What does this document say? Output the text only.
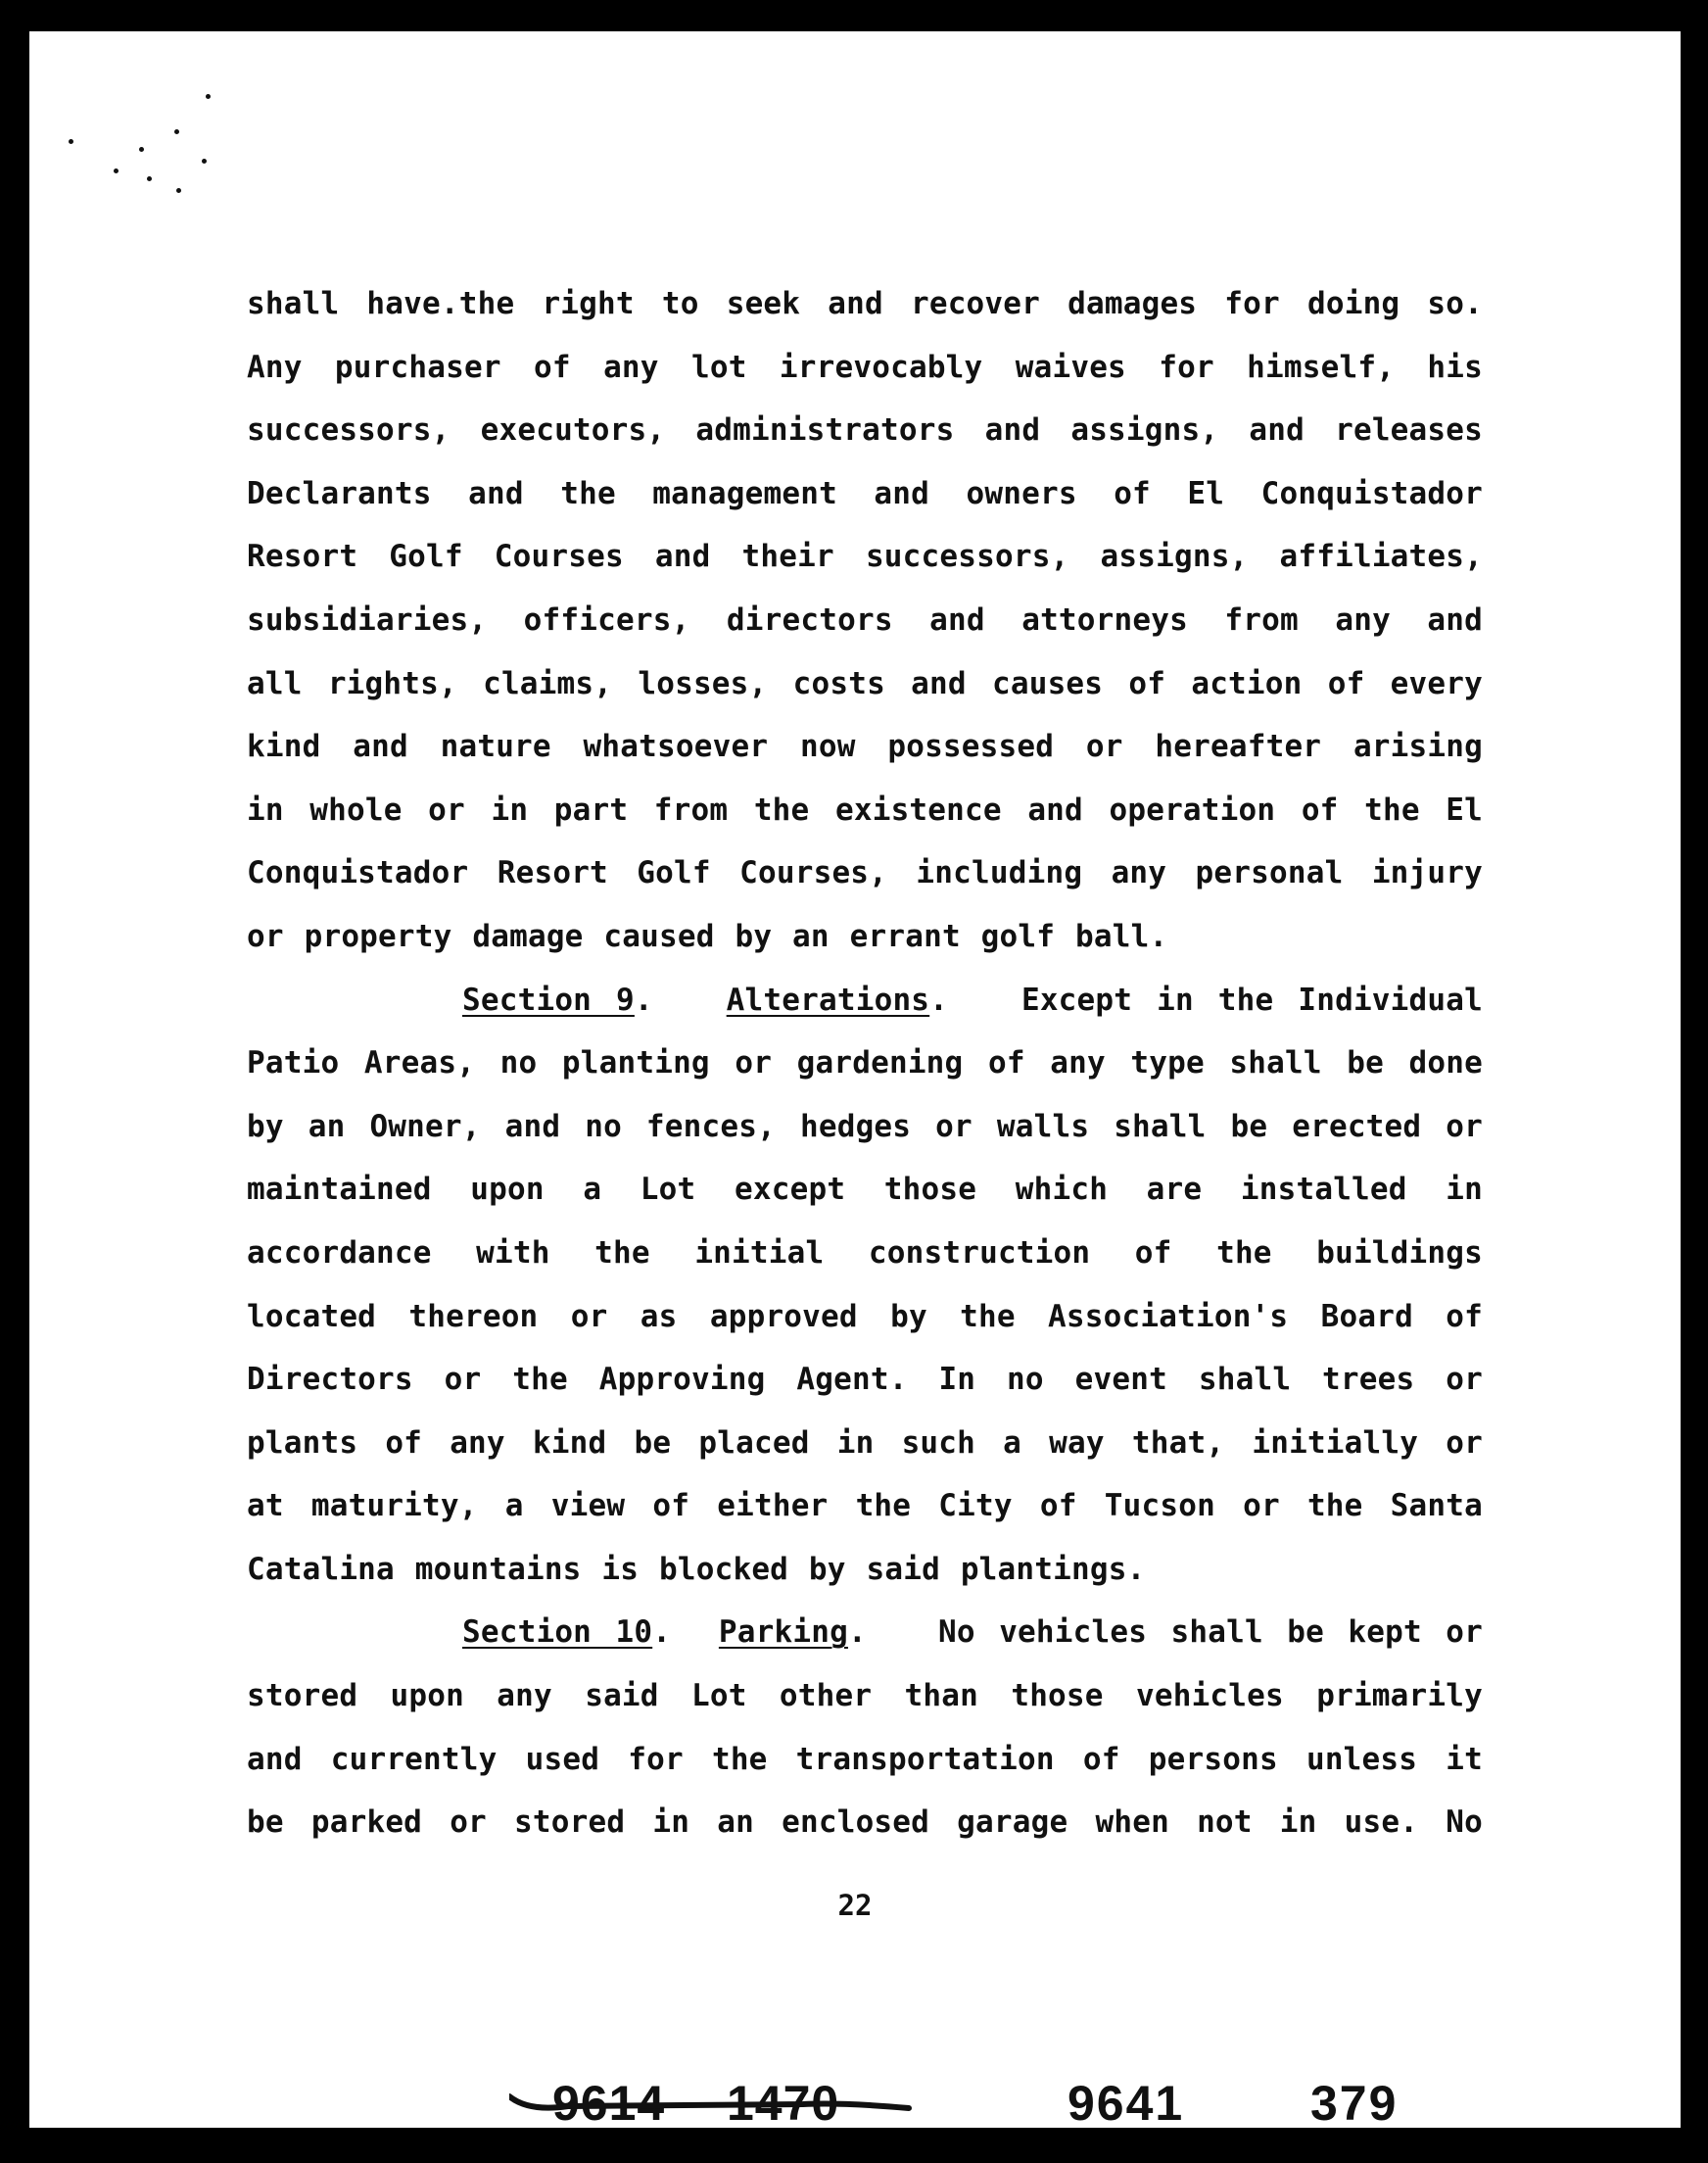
shall have.the right to seek and recover damages for doing so.
Any purchaser of any lot irrevocably waives for himself, his
successors, executors, administrators and assigns, and releases
Declarants and the management and owners of El Conquistador
Resort Golf Courses and their successors, assigns, affiliates,
subsidiaries, officers, directors and attorneys from any and
all rights, claims, losses, costs and causes of action of every
kind and nature whatsoever now possessed or hereafter arising
in whole or in part from the existence and operation of the El
Conquistador Resort Golf Courses, including any personal injury
or property damage caused by an errant golf ball.
Section 9.   Alterations.   Except in the Individual
Patio Areas, no planting or gardening of any type shall be done
by an Owner, and no fences, hedges or walls shall be erected or
maintained upon a Lot except those which are installed in
accordance with the initial construction of the buildings
located thereon or as approved by the Association's Board of
Directors or the Approving Agent. In no event shall trees or
plants of any kind be placed in such a way that, initially or
at maturity, a view of either the City of Tucson or the Santa
Catalina mountains is blocked by said plantings.
Section 10.  Parking.   No vehicles shall be kept or
stored upon any said Lot other than those vehicles primarily
and currently used for the transportation of persons unless it
be parked or stored in an enclosed garage when not in use. No
22
9614 1470	9641	379
